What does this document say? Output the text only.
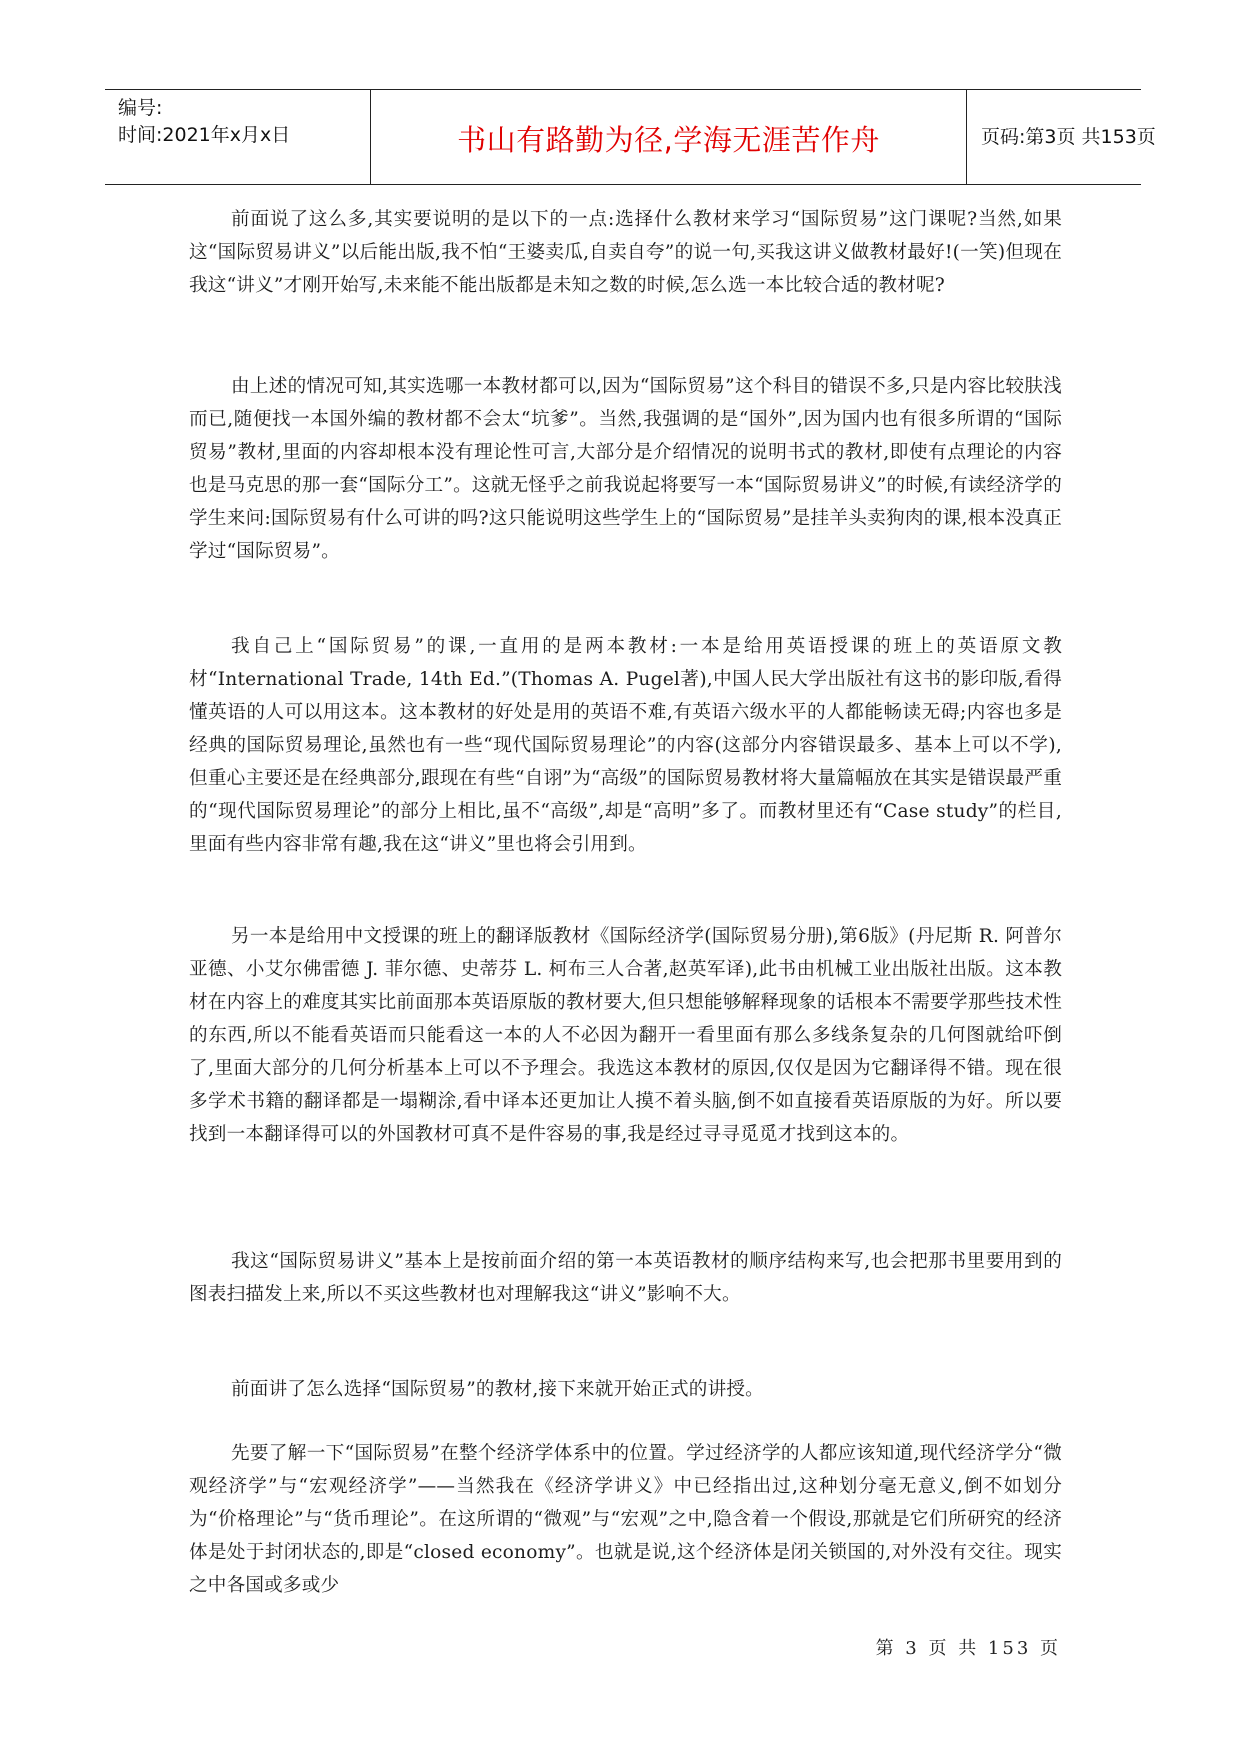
编号:
时间:2021年x月x日	书山有路勤为径,学海无涯苦作舟	页码:第3页 共153页

前面说了这么多,其实要说明的是以下的一点:选择什么教材来学习“国际贸易”这门课呢?当然,如果这“国际贸易讲义”以后能出版,我不怕“王婆卖瓜,自卖自夸”的说一句,买我这讲义做教材最好!(一笑)但现在我这“讲义”才刚开始写,未来能不能出版都是未知之数的时候,怎么选一本比较合适的教材呢?

由上述的情况可知,其实选哪一本教材都可以,因为“国际贸易”这个科目的错误不多,只是内容比较肤浅而已,随便找一本国外编的教材都不会太“坑爹”。当然,我强调的是“国外”,因为国内也有很多所谓的“国际贸易”教材,里面的内容却根本没有理论性可言,大部分是介绍情况的说明书式的教材,即使有点理论的内容也是马克思的那一套“国际分工”。这就无怪乎之前我说起将要写一本“国际贸易讲义”的时候,有读经济学的学生来问:国际贸易有什么可讲的吗?这只能说明这些学生上的“国际贸易”是挂羊头卖狗肉的课,根本没真正学过“国际贸易”。

我自己上“国际贸易”的课,一直用的是两本教材:一本是给用英语授课的班上的英语原文教材“International Trade, 14th Ed.”(Thomas A. Pugel著),中国人民大学出版社有这书的影印版,看得懂英语的人可以用这本。这本教材的好处是用的英语不难,有英语六级水平的人都能畅读无碍;内容也多是经典的国际贸易理论,虽然也有一些“现代国际贸易理论”的内容(这部分内容错误最多、基本上可以不学),但重心主要还是在经典部分,跟现在有些“自诩”为“高级”的国际贸易教材将大量篇幅放在其实是错误最严重的“现代国际贸易理论”的部分上相比,虽不“高级”,却是“高明”多了。而教材里还有“Case study”的栏目,里面有些内容非常有趣,我在这“讲义”里也将会引用到。

另一本是给用中文授课的班上的翻译版教材《国际经济学(国际贸易分册),第6版》(丹尼斯 R. 阿普尔亚德、小艾尔佛雷德 J. 菲尔德、史蒂芬 L. 柯布三人合著,赵英军译),此书由机械工业出版社出版。这本教材在内容上的难度其实比前面那本英语原版的教材要大,但只想能够解释现象的话根本不需要学那些技术性的东西,所以不能看英语而只能看这一本的人不必因为翻开一看里面有那么多线条复杂的几何图就给吓倒了,里面大部分的几何分析基本上可以不予理会。我选这本教材的原因,仅仅是因为它翻译得不错。现在很多学术书籍的翻译都是一塌糊涂,看中译本还更加让人摸不着头脑,倒不如直接看英语原版的为好。所以要找到一本翻译得可以的外国教材可真不是件容易的事,我是经过寻寻觅觅才找到这本的。

我这“国际贸易讲义”基本上是按前面介绍的第一本英语教材的顺序结构来写,也会把那书里要用到的图表扫描发上来,所以不买这些教材也对理解我这“讲义”影响不大。

前面讲了怎么选择“国际贸易”的教材,接下来就开始正式的讲授。

先要了解一下“国际贸易”在整个经济学体系中的位置。学过经济学的人都应该知道,现代经济学分“微观经济学”与“宏观经济学”——当然我在《经济学讲义》中已经指出过,这种划分毫无意义,倒不如划分为“价格理论”与“货币理论”。在这所谓的“微观”与“宏观”之中,隐含着一个假设,那就是它们所研究的经济体是处于封闭状态的,即是“closed economy”。也就是说,这个经济体是闭关锁国的,对外没有交往。现实之中各国或多或少

第 3 页 共 153 页
